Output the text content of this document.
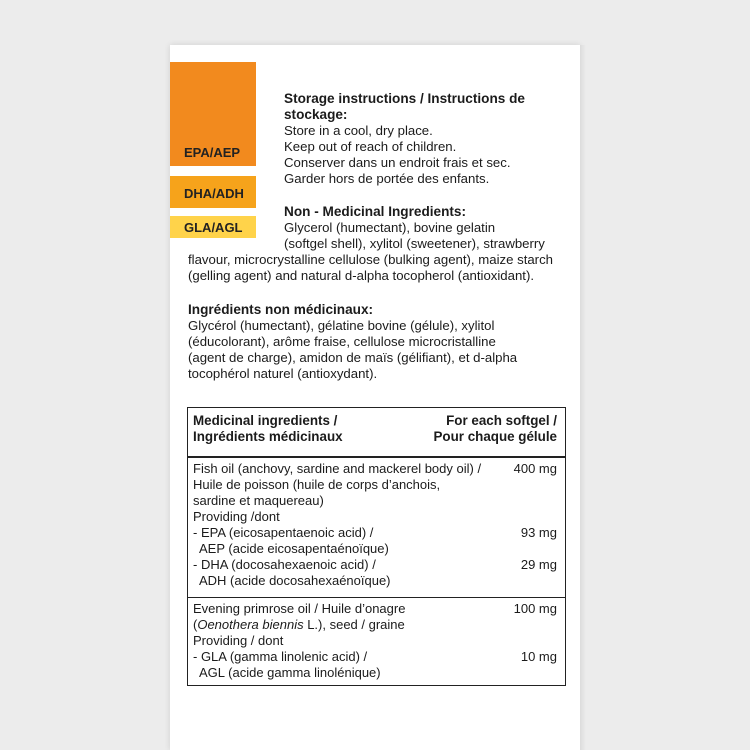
EPA/AEP
DHA/ADH
GLA/AGL

Storage instructions / Instructions de stockage:

Store in a cool, dry place.

Keep out of reach of children.

Conserver dans un endroit frais et sec.

Garder hors de portée des enfants.

Non - Medicinal Ingredients:

Glycerol (humectant), bovine gelatin

(softgel shell), xylitol (sweetener), strawberry

flavour, microcrystalline cellulose (bulking agent), maize starch

(gelling agent) and natural d-alpha tocopherol (antioxidant).

Ingrédients non médicinaux:

Glycérol (humectant), gélatine bovine (gélule), xylitol

(éducolorant), arôme fraise, cellulose microcristalline

(agent de charge), amidon de maïs (gélifiant), et d-alpha

tocophérol naturel (antioxydant).

Medicinal ingredients /
Ingrédients médicinaux
For each softgel /
Pour chaque gélule

Fish oil (anchovy, sardine and mackerel body oil) /

Huile de poisson (huile de corps d’anchois,

sardine et maquereau)

400 mg

Providing /dont

- EPA (eicosapentaenoic acid) /

AEP (acide eicosapentaénoïque)

93 mg

- DHA (docosahexaenoic acid) /

ADH (acide docosahexaénoïque)

29 mg

Evening primrose oil / Huile d’onagre	100 mg

(Oenothera biennis L.), seed / graine

Providing / dont

- GLA (gamma linolenic acid) /

AGL (acide gamma linolénique)

10 mg
